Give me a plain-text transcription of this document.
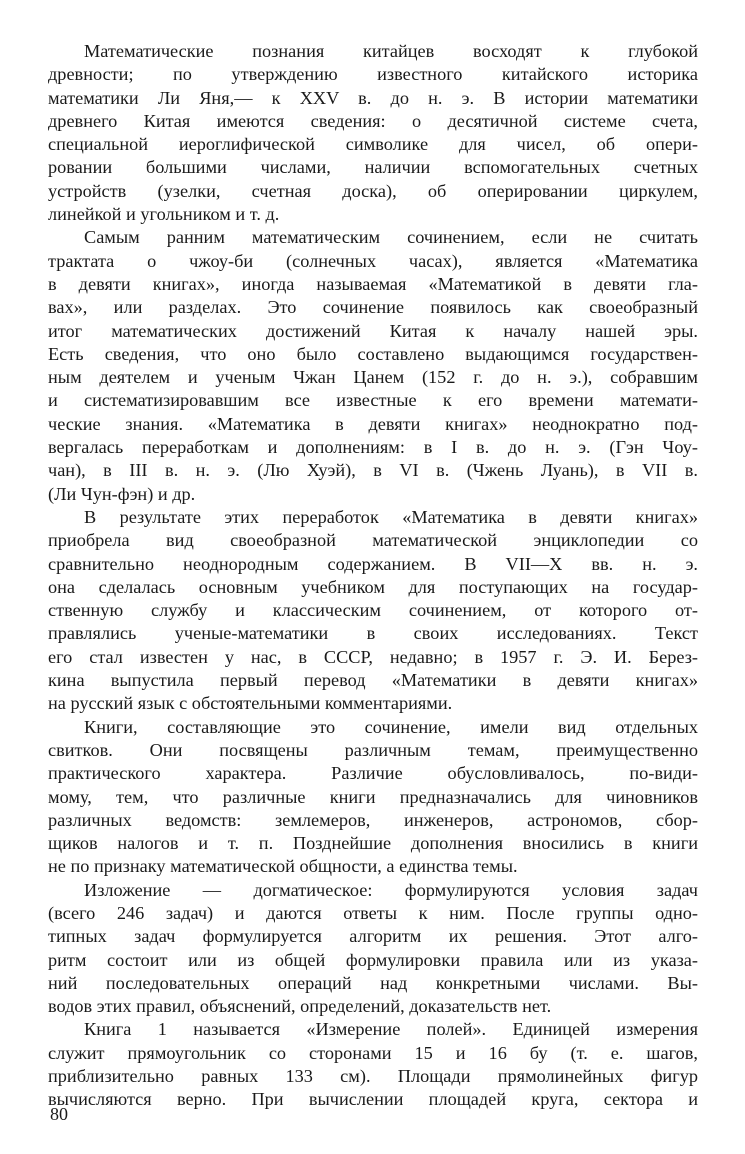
Математические познания китайцев восходят к глубокой
древности; по утверждению известного китайского историка
математики Ли Яня,— к XXV в. до н. э. В истории математики
древнего Китая имеются сведения: о десятичной системе счета,
специальной иероглифической символике для чисел, об опери-
ровании большими числами, наличии вспомогательных счетных
устройств (узелки, счетная доска), об оперировании циркулем,
линейкой и угольником и т. д.
Самым ранним математическим сочинением, если не считать
трактата о чжоу-би (солнечных часах), является «Математика
в девяти книгах», иногда называемая «Математикой в девяти гла-
вах», или разделах. Это сочинение появилось как своеобразный
итог математических достижений Китая к началу нашей эры.
Есть сведения, что оно было составлено выдающимся государствен-
ным деятелем и ученым Чжан Цанем (152 г. до н. э.), собравшим
и систематизировавшим все известные к его времени математи-
ческие знания. «Математика в девяти книгах» неоднократно под-
вергалась переработкам и дополнениям: в I в. до н. э. (Гэн Чоу-
чан), в III в. н. э. (Лю Хуэй), в VI в. (Чжень Луань), в VII в.
(Ли Чун-фэн) и др.
В результате этих переработок «Математика в девяти книгах»
приобрела вид своеобразной математической энциклопедии со
сравнительно неоднородным содержанием. В VII—X вв. н. э.
она сделалась основным учебником для поступающих на государ-
ственную службу и классическим сочинением, от которого от-
правлялись ученые-математики в своих исследованиях. Текст
его стал известен у нас, в СССР, недавно; в 1957 г. Э. И. Берез-
кина выпустила первый перевод «Математики в девяти книгах»
на русский язык с обстоятельными комментариями.
Книги, составляющие это сочинение, имели вид отдельных
свитков. Они посвящены различным темам, преимущественно
практического характера. Различие обусловливалось, по-види-
мому, тем, что различные книги предназначались для чиновников
различных ведомств: землемеров, инженеров, астрономов, сбор-
щиков налогов и т. п. Позднейшие дополнения вносились в книги
не по признаку математической общности, а единства темы.
Изложение — догматическое: формулируются условия задач
(всего 246 задач) и даются ответы к ним. После группы одно-
типных задач формулируется алгоритм их решения. Этот алго-
ритм состоит или из общей формулировки правила или из указа-
ний последовательных операций над конкретными числами. Вы-
водов этих правил, объяснений, определений, доказательств нет.
Книга 1 называется «Измерение полей». Единицей измерения
служит прямоугольник со сторонами 15 и 16 бу (т. е. шагов,
приблизительно равных 133 см). Площади прямолинейных фигур
вычисляются верно. При вычислении площадей круга, сектора и
80
